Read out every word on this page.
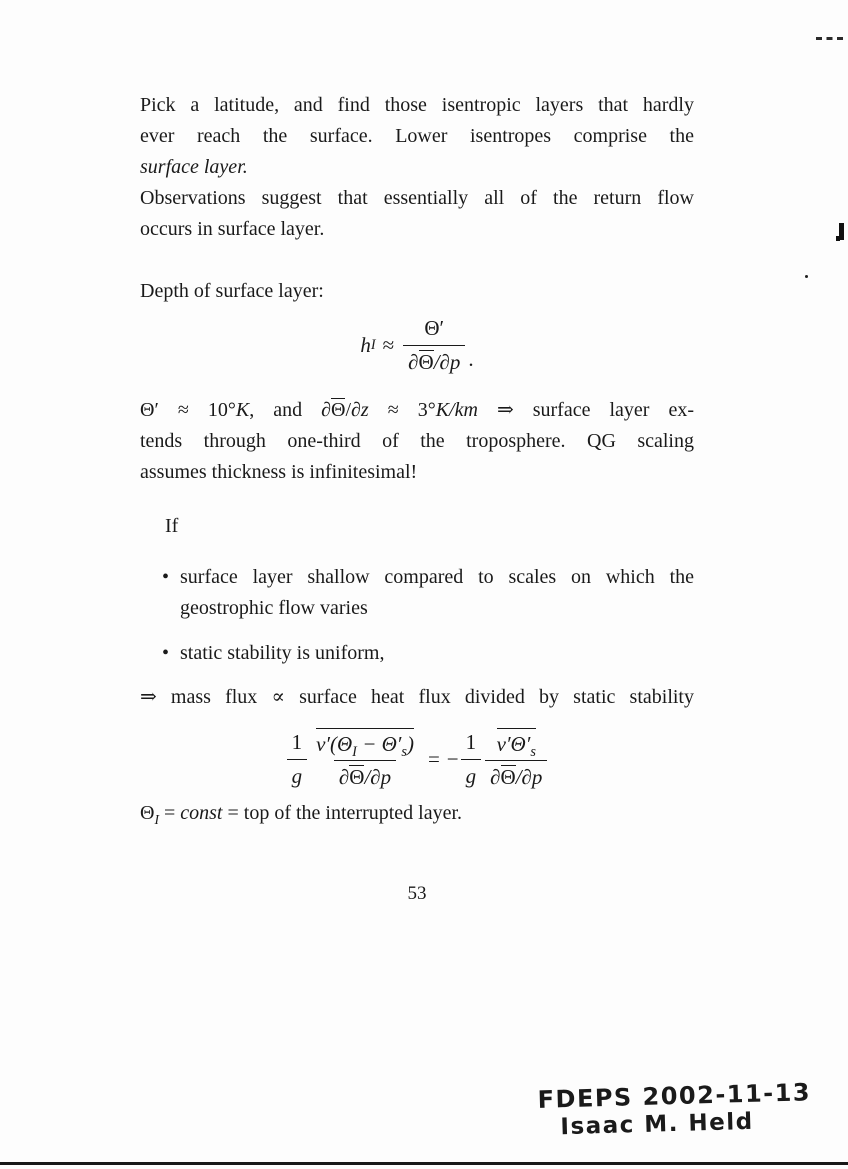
Pick a latitude, and find those isentropic layers that hardly
ever reach the surface. Lower isentropes comprise the
surface layer.
Observations suggest that essentially all of the return flow
occurs in surface layer.
Depth of surface layer:
h $I \approx \frac{\Theta'}{\partial\Theta/\partial p}$ .
Θ′ ≈ 10°K, and ∂Θ/∂z ≈ 3°K/km ⇒ surface layer ex-
tends through one-third of the troposphere. QG scaling
assumes thickness is infinitesimal!
If
• surface layer shallow compared to scales on which the
geostrophic flow varies
• static stability is uniform,
⇒ mass flux ∝ surface heat flux divided by static stability
$\frac{1}{g} \frac{v'(\Theta_I - \Theta'_s)}{\partial\Theta/\partial p}$ = − $\frac{1}{g} \frac{v'\Theta'_s}{\partial\Theta/\partial p}$
$\Theta_I$ = const = top of the interrupted layer.
53
FDEPS 2002-11-13
Isaac M. Held
